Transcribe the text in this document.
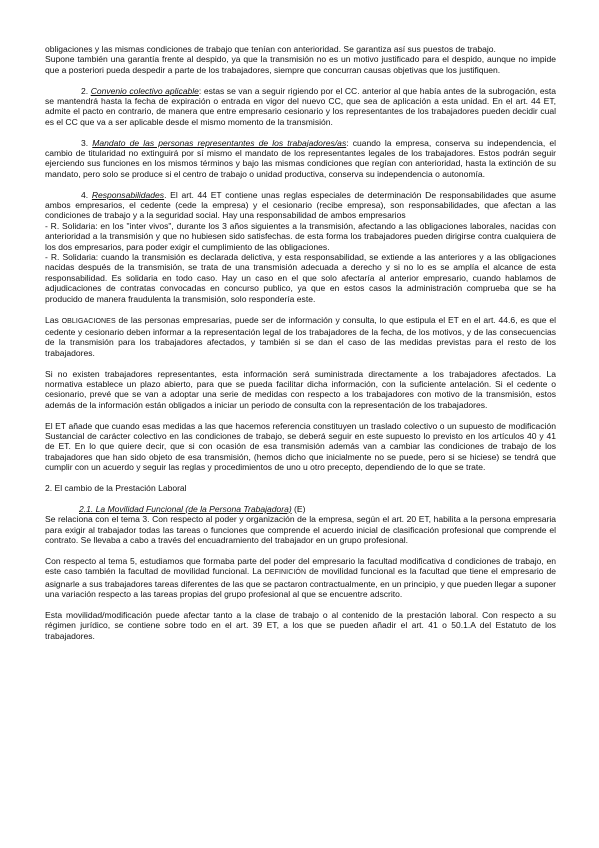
obligaciones y las mismas condiciones de trabajo que tenían con anterioridad. Se garantiza así sus puestos de trabajo.

Supone también una garantía frente al despido, ya que la transmisión no es un motivo justificado para el despido, aunque no impide que a posteriori pueda despedir a parte de los trabajadores, siempre que concurran causas objetivas que los justifiquen.

2. Convenio colectivo aplicable: estas se van a seguir rigiendo por el CC. anterior al que había antes de la subrogación, esta se mantendrá hasta la fecha de expiración o entrada en vigor del nuevo CC, que sea de aplicación a esta unidad. En el art. 44 ET, admite el pacto en contrario, de manera que entre empresario cesionario y los representantes de los trabajadores pueden decidir cual es el CC que va a ser aplicable desde el mismo momento de la transmisión.

3. Mandato de las personas representantes de los trabajadores/as: cuando la empresa, conserva su independencia, el cambio de titularidad no extinguirá por sí mismo el mandato de los representantes legales de los trabajadores. Estos podrán seguir ejerciendo sus funciones en los mismos términos y bajo las mismas condiciones que regían con anterioridad, hasta la extinción de su mandato, pero solo se produce si el centro de trabajo o unidad productiva, conserva su independencia o autonomía.

4. Responsabilidades. El art. 44 ET contiene unas reglas especiales de determinación De responsabilidades que asume ambos empresarios, el cedente (cede la empresa) y el cesionario (recibe empresa), son responsabilidades, que afectan a las condiciones de trabajo y a la seguridad social. Hay una responsabilidad de ambos empresarios

- R. Solidaria: en los "inter vivos", durante los 3 años siguientes a la transmisión, afectando a las obligaciones laborales, nacidas con anterioridad a la transmisión y que no hubiesen sido satisfechas. de esta forma los trabajadores pueden dirigirse contra cualquiera de los dos empresarios, para poder exigir el cumplimiento de las obligaciones.

- R. Solidaria: cuando la transmisión es declarada delictiva, y esta responsabilidad, se extiende a las anteriores y a las obligaciones nacidas después de la transmisión, se trata de una transmisión adecuada a derecho y si no lo es se amplía el alcance de esta responsabilidad. Es solidaria en todo caso. Hay un caso en el que solo afectaría al anterior empresario, cuando hablamos de adjudicaciones de contratas convocadas en concurso publico, ya que en estos casos la administración comprueba que se ha producido de manera fraudulenta la transmisión, solo respondería este.

Las OBLIGACIONES de las personas empresarias, puede ser de información y consulta, lo que estipula el ET en el art. 44.6, es que el cedente y cesionario deben informar a la representación legal de los trabajadores de la fecha, de los motivos, y de las consecuencias de la transmisión para los trabajadores afectados, y también si se dan el caso de las medidas previstas para el resto de los trabajadores.

Si no existen trabajadores representantes, esta información será suministrada directamente a los trabajadores afectados. La normativa establece un plazo abierto, para que se pueda facilitar dicha información, con la suficiente antelación. Si el cedente o cesionario, prevé que se van a adoptar una serie de medidas con respecto a los trabajadores con motivo de la transmisión, estos además de la información están obligados a iniciar un periodo de consulta con la representación de los trabajadores.

El ET añade que cuando esas medidas a las que hacemos referencia constituyen un traslado colectivo o un supuesto de modificación Sustancial de carácter colectivo en las condiciones de trabajo, se deberá seguir en este supuesto lo previsto en los artículos 40 y 41 de ET. En lo que quiere decir, que si con ocasión de esa transmisión además van a cambiar las condiciones de trabajo de los trabajadores que han sido objeto de esa transmisión, (hemos dicho que inicialmente no se puede, pero si se hiciese) se tendrá que cumplir con un acuerdo y seguir las reglas y procedimientos de uno u otro precepto, dependiendo de lo que se trate.

2. El cambio de la Prestación Laboral

2.1. La Movilidad Funcional (de la Persona Trabajadora) (E)

Se relaciona con el tema 3. Con respecto al poder y organización de la empresa, según el art. 20 ET, habilita a la persona empresaria para exigir al trabajador todas las tareas o funciones que comprende el acuerdo inicial de clasificación profesional que comprende el contrato. Se llevaba a cabo a través del encuadramiento del trabajador en un grupo profesional.

Con respecto al tema 5, estudiamos que formaba parte del poder del empresario la facultad modificativa d condiciones de trabajo, en este caso también la facultad de movilidad funcional. La DEFINICIÓN de movilidad funcional es la facultad que tiene el empresario de asignarle a sus trabajadores tareas diferentes de las que se pactaron contractualmente, en un principio, y que pueden llegar a suponer una variación respecto a las tareas propias del grupo profesional al que se encuentre adscrito.

Esta movilidad/modificación puede afectar tanto a la clase de trabajo o al contenido de la prestación laboral. Con respecto a su régimen jurídico, se contiene sobre todo en el art. 39 ET, a los que se pueden añadir el art. 41 o 50.1.A del Estatuto de los trabajadores.
